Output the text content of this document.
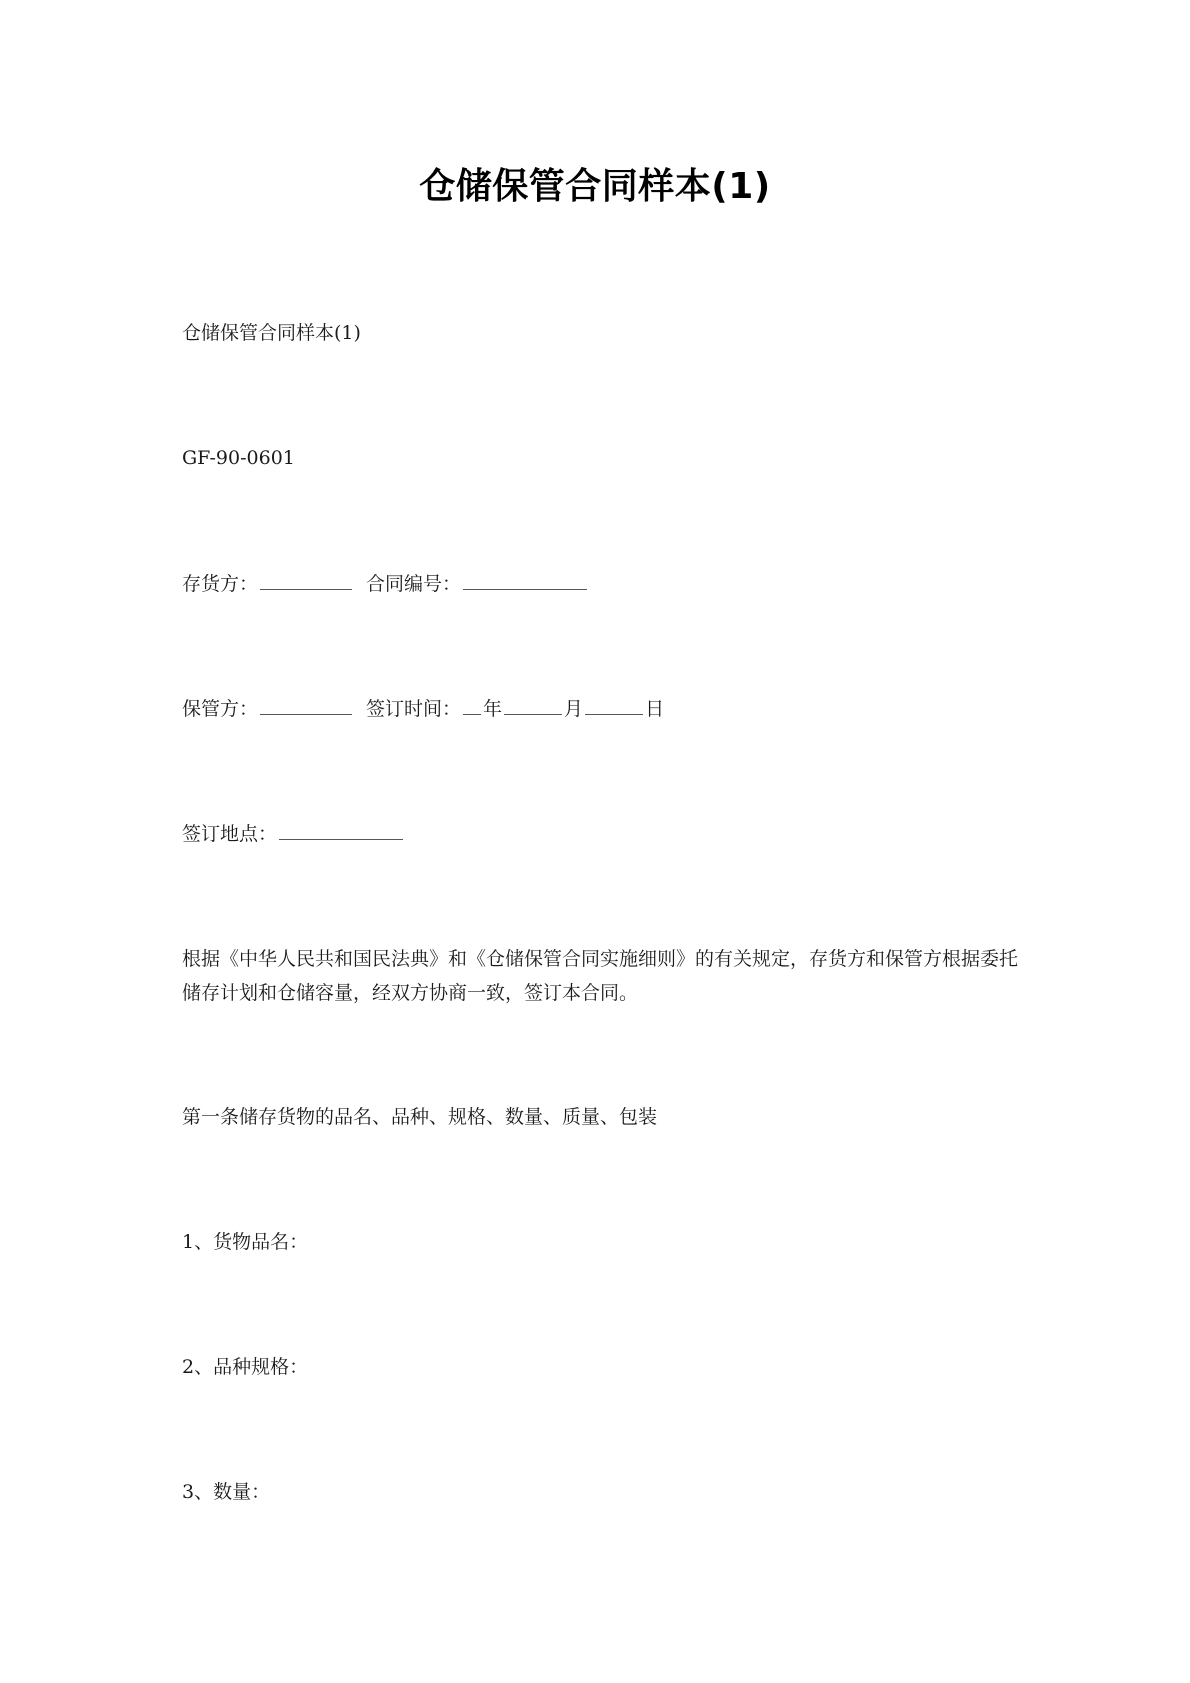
仓储保管合同样本(1)
仓储保管合同样本(1)
GF-90-0601
存货方：	合同编号：
保管方：	签订时间： 年	月	日
签订地点：
根据《中华人民共和国民法典》和《仓储保管合同实施细则》的有关规定，存货方和保管方根据委托储存计划和仓储容量，经双方协商一致，签订本合同。
第一条储存货物的品名、品种、规格、数量、质量、包装
1、货物品名：
2、品种规格：
3、数量：
